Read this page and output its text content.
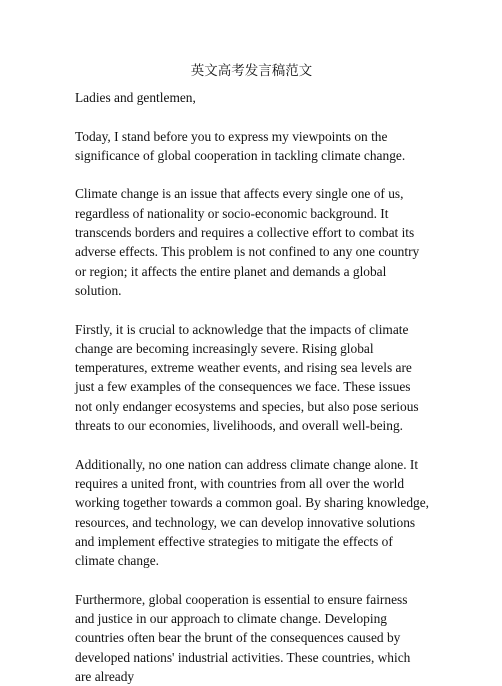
英文高考发言稿范文

Ladies and gentlemen,

Today, I stand before you to express my viewpoints on the significance of global cooperation in tackling climate change.

Climate change is an issue that affects every single one of us, regardless of nationality or socio-economic background. It transcends borders and requires a collective effort to combat its adverse effects. This problem is not confined to any one country or region; it affects the entire planet and demands a global solution.

Firstly, it is crucial to acknowledge that the impacts of climate change are becoming increasingly severe. Rising global temperatures, extreme weather events, and rising sea levels are just a few examples of the consequences we face. These issues not only endanger ecosystems and species, but also pose serious threats to our economies, livelihoods, and overall well-being.

Additionally, no one nation can address climate change alone. It requires a united front, with countries from all over the world working together towards a common goal. By sharing knowledge, resources, and technology, we can develop innovative solutions and implement effective strategies to mitigate the effects of climate change.

Furthermore, global cooperation is essential to ensure fairness and justice in our approach to climate change. Developing countries often bear the brunt of the consequences caused by developed nations' industrial activities. These countries, which are already
